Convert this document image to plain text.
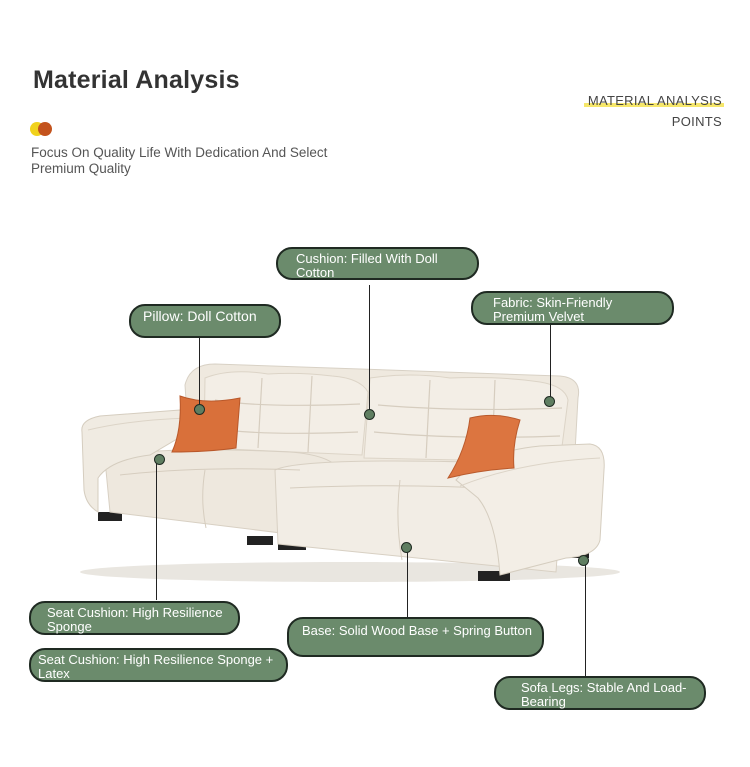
Material Analysis
Focus On Quality Life With Dedication And Select Premium Quality
MATERIAL ANALYSIS
POINTS
Cushion: Filled With Doll Cotton
Pillow: Doll Cotton
Fabric: Skin-Friendly Premium Velvet
Seat Cushion: High Resilience Sponge
Seat Cushion: High Resilience Sponge + Latex
Base: Solid Wood Base + Spring Button
Sofa Legs: Stable And Load-Bearing
